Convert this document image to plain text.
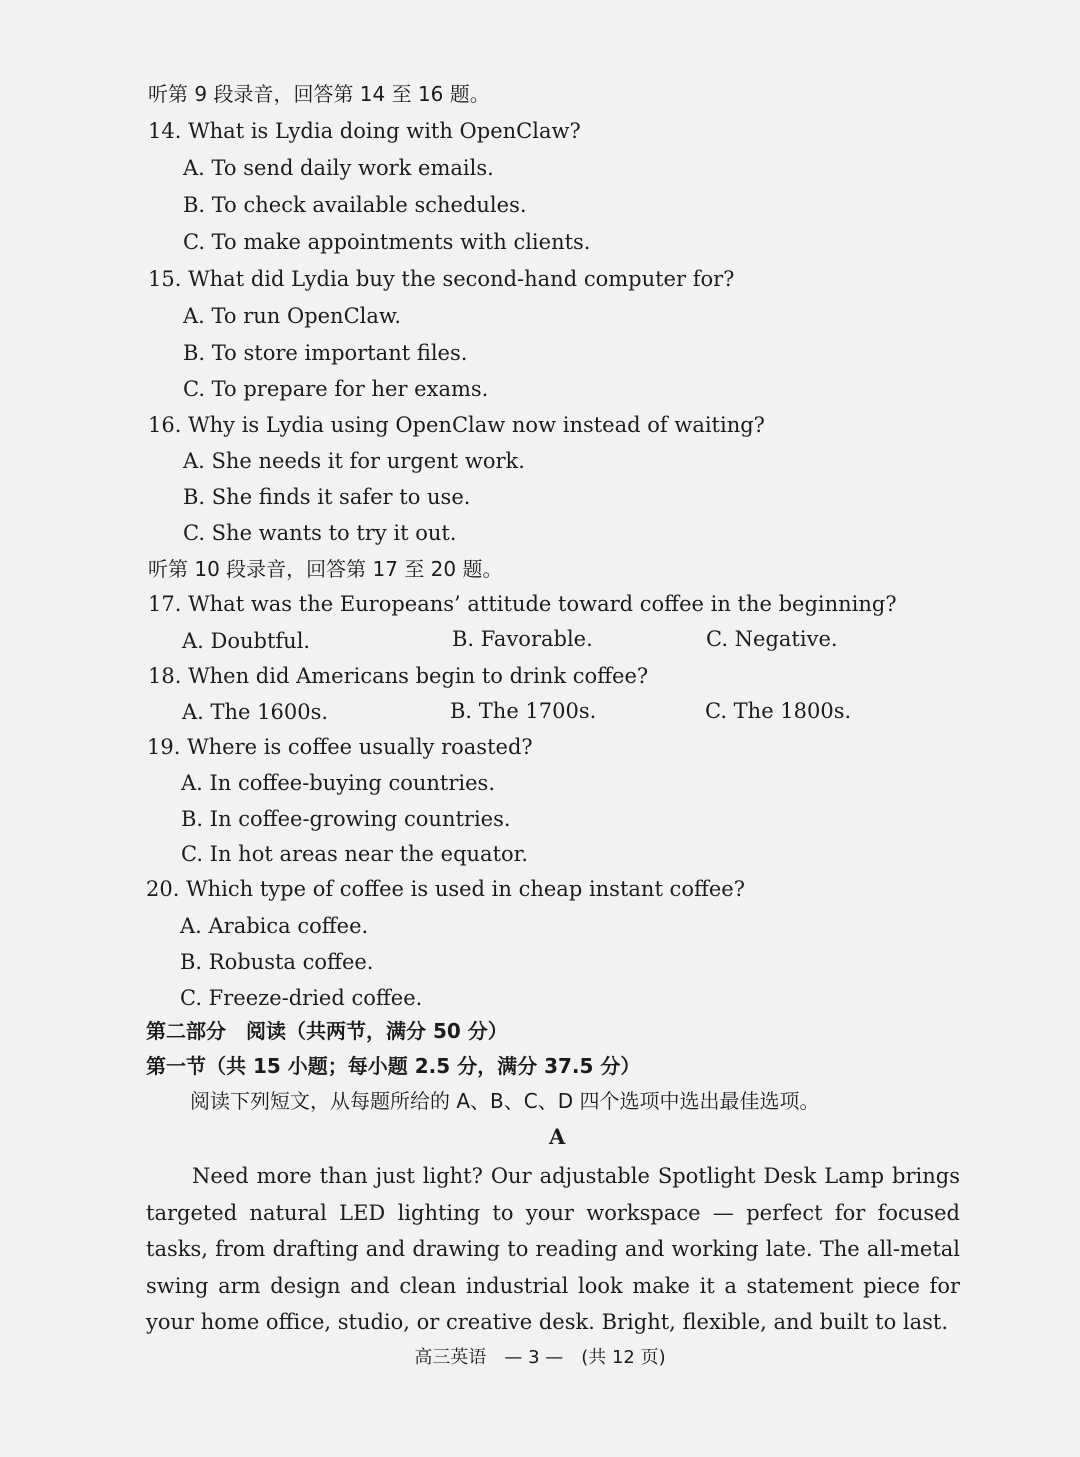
听第 9 段录音，回答第 14 至 16 题。
14. What is Lydia doing with OpenClaw?
A. To send daily work emails.
B. To check available schedules.
C. To make appointments with clients.
15. What did Lydia buy the second-hand computer for?
A. To run OpenClaw.
B. To store important files.
C. To prepare for her exams.
16. Why is Lydia using OpenClaw now instead of waiting?
A. She needs it for urgent work.
B. She finds it safer to use.
C. She wants to try it out.
听第 10 段录音，回答第 17 至 20 题。
17. What was the Europeans’ attitude toward coffee in the beginning?
A. Doubtful.	B. Favorable.	C. Negative.
18. When did Americans begin to drink coffee?
A. The 1600s.	B. The 1700s.	C. The 1800s.
19. Where is coffee usually roasted?
A. In coffee-buying countries.
B. In coffee-growing countries.
C. In hot areas near the equator.
20. Which type of coffee is used in cheap instant coffee?
A. Arabica coffee.
B. Robusta coffee.
C. Freeze-dried coffee.
第二部分　阅读（共两节，满分 50 分）
第一节（共 15 小题；每小题 2.5 分，满分 37.5 分）
阅读下列短文，从每题所给的 A、B、C、D 四个选项中选出最佳选项。
A
Need more than just light? Our adjustable Spotlight Desk Lamp brings targeted natural LED lighting to your workspace — perfect for focused tasks, from drafting and drawing to reading and working late. The all-metal swing arm design and clean industrial look make it a statement piece for your home office, studio, or creative desk. Bright, flexible, and built to last.
高三英语　— 3 —　(共 12 页)
